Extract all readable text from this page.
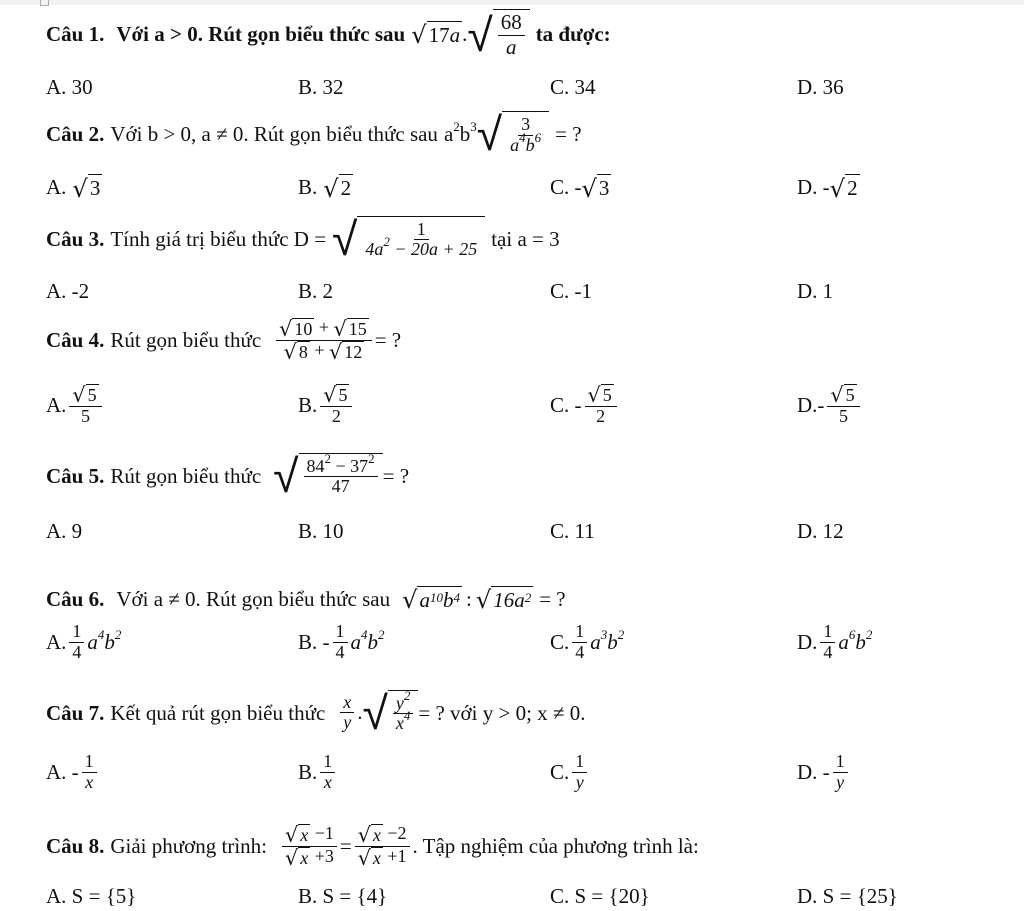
Câu 1. Với a > 0. Rút gọn biểu thức sau √ 17 a . √ $\frac{68}{a}$ ta được:
A. 30	B. 32	C. 34	D. 36
Câu 2. Với b > 0, a ≠ 0. Rút gọn biểu thức sau $a^2b^3$ √ $\frac{3}{a^4b^6}$ = ?
A. √ 3	B. √ 2	C. - √ 3	D. - √ 2
Câu 3. Tính giá trị biểu thức D = √ $\frac{1}{4a^2 - 20a + 25}$ tại a = 3
A. -2	B. 2	C. -1	D. 1
Câu 4. Rút gọn biểu thức $\frac{√ 10 + √ 15}{√ 8 + √ 12}$ = ?
A. $\frac{√ 5}{5}$	B. $\frac{√ 5}{2}$	C. - $\frac{√ 5}{2}$	$D.- \frac{√ 5}{5}$
Câu 5. Rút gọn biểu thức √ $\frac{84^2 - 37^2}{47}$ = ?
A. 9	B. 10	C. 11	D. 12
Câu 6. Với a ≠ 0. Rút gọn biểu thức sau √ $a^{10}$ $b^4$ : √ $16a^2$ = ?
A. $\frac{1}{4} a^4b^2$	B. - $\frac{1}{4} a^4b^2$	C. $\frac{1}{4} a^3b^2$	D. $\frac{1}{4} a^6b^2$
Câu 7. Kết quả rút gọn biểu thức $\frac{x}{y}$ . √ $\frac{y^2}{x^4}$ = ? với y > 0; x ≠ 0.
A. - $\frac{1}{x}$	B. $\frac{1}{x}$	C. $\frac{1}{y}$	D. - $\frac{1}{y}$
Câu 8. Giải phương trình: $\frac{√ x -1}{√ x +3} = \frac{√ x -2}{√ x +1}$ . Tập nghiệm của phương trình là:
A. S = {5}	B. S = {4}	C. S = {20}	D. S = {25}
